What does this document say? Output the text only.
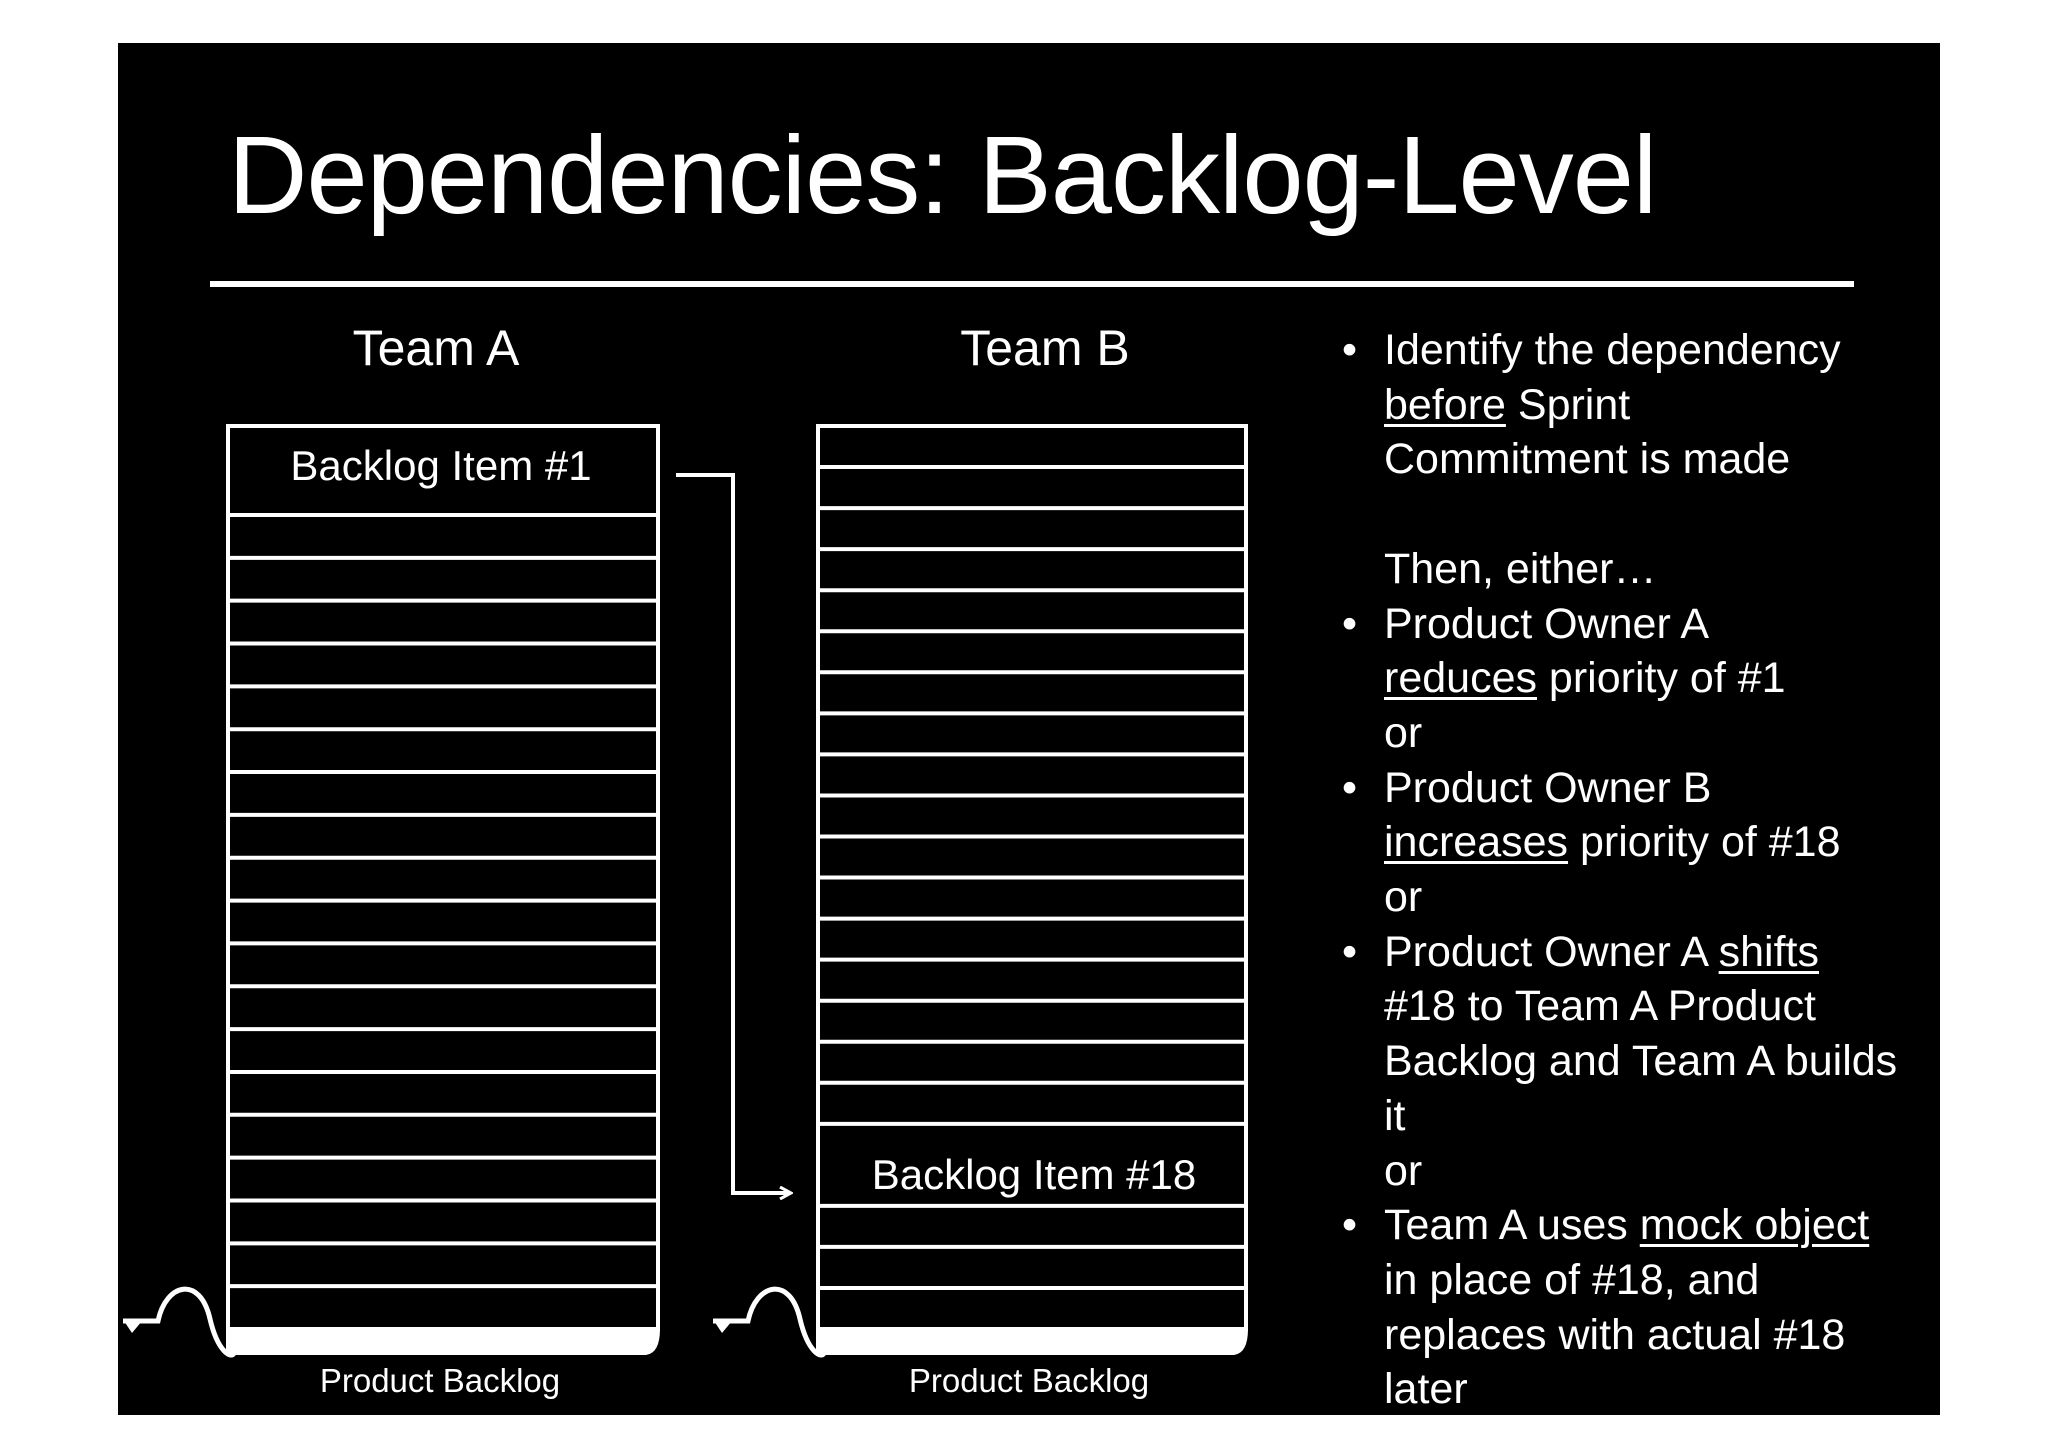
Dependencies: Backlog-Level
Team A	Team B
Backlog Item #1
Backlog Item #18
Product Backlog	Product Backlog
• Identify the dependency
before Sprint
Commitment is made
Then, either…
• Product Owner A
reduces priority of #1
or
• Product Owner B
increases priority of #18
or
• Product Owner A shifts
#18 to Team A Product
Backlog and Team A builds
it
or
• Team A uses mock object
in place of #18, and
replaces with actual #18
later
